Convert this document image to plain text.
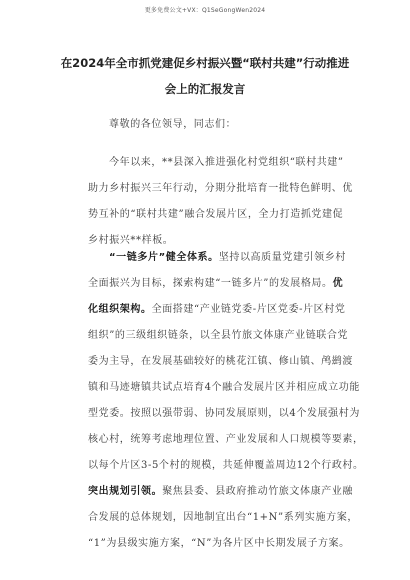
更多免费公文+VX：Q1SeGongWen2024
在2024年全市抓党建促乡村振兴暨“联村共建”行动推进
会上的汇报发言
尊敬的各位领导，同志们：
今年以来，**县深入推进强化村党组织“联村共建”
助力乡村振兴三年行动，分期分批培育一批特色鲜明、优
势互补的“联村共建”融合发展片区，全力打造抓党建促
乡村振兴**样板。
“一链多片”健全体系。坚持以高质量党建引领乡村
全面振兴为目标，探索构建“一链多片”的发展格局。优
化组织架构。全面搭建“产业链党委-片区党委-片区村党
组织”的三级组织链条，以全县竹旅文体康产业链联合党
委为主导，在发展基础较好的桃花江镇、修山镇、鸬鹚渡
镇和马迹塘镇共试点培育4个融合发展片区并相应成立功能
型党委。按照以强带弱、协同发展原则，以4个发展强村为
核心村，统筹考虑地理位置、产业发展和人口规模等要素，
以每个片区3-5个村的规模，共延伸覆盖周边12个行政村。
突出规划引领。聚焦县委、县政府推动竹旅文体康产业融
合发展的总体规划，因地制宜出台“1+N”系列实施方案，
“1”为县级实施方案，“N”为各片区中长期发展子方案。
